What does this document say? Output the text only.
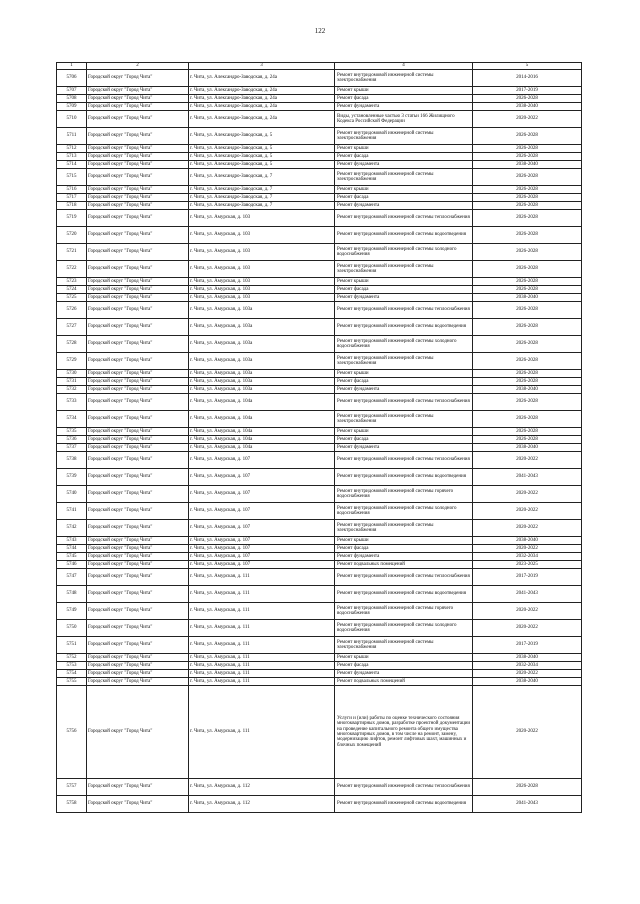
122
1	2	3	4	5
5706	Городской округ "Город Чита"	г. Чита, ул. Александро-Заводская, д. 24а	Ремонт внутридомовой инженерной системы электроснабжения	2014-2016
5707	Городской округ "Город Чита"	г. Чита, ул. Александро-Заводская, д. 24а	Ремонт крыши	2017-2019
5708	Городской округ "Город Чита"	г. Чита, ул. Александро-Заводская, д. 24а	Ремонт фасада	2026-2028
5709	Городской округ "Город Чита"	г. Чита, ул. Александро-Заводская, д. 24а	Ремонт фундамента	2038-2040
5710	Городской округ "Город Чита"	г. Чита, ул. Александро-Заводская, д. 24а	Виды, установленные частью 3 статьи 166 Жилищного Кодекса Российской Федерации	2020-2022
5711	Городской округ "Город Чита"	г. Чита, ул. Александро-Заводская, д. 5	Ремонт внутридомовой инженерной системы электроснабжения	2026-2028
5712	Городской округ "Город Чита"	г. Чита, ул. Александро-Заводская, д. 5	Ремонт крыши	2026-2028
5713	Городской округ "Город Чита"	г. Чита, ул. Александро-Заводская, д. 5	Ремонт фасада	2026-2028
5714	Городской округ "Город Чита"	г. Чита, ул. Александро-Заводская, д. 5	Ремонт фундамента	2038-2040
5715	Городской округ "Город Чита"	г. Чита, ул. Александро-Заводская, д. 7	Ремонт внутридомовой инженерной системы электроснабжения	2026-2028
5716	Городской округ "Город Чита"	г. Чита, ул. Александро-Заводская, д. 7	Ремонт крыши	2026-2028
5717	Городской округ "Город Чита"	г. Чита, ул. Александро-Заводская, д. 7	Ремонт фасада	2026-2028
5718	Городской округ "Город Чита"	г. Чита, ул. Александро-Заводская, д. 7	Ремонт фундамента	2026-2028
5719	Городской округ "Город Чита"	г. Чита, ул. Амурская, д. 103	Ремонт внутридомовой инженерной системы теплоснабжения	2026-2028
5720	Городской округ "Город Чита"	г. Чита, ул. Амурская, д. 103	Ремонт внутридомовой инженерной системы водоотведения	2026-2028
5721	Городской округ "Город Чита"	г. Чита, ул. Амурская, д. 103	Ремонт внутридомовой инженерной системы холодного водоснабжения	2026-2028
5722	Городской округ "Город Чита"	г. Чита, ул. Амурская, д. 103	Ремонт внутридомовой инженерной системы электроснабжения	2026-2028
5723	Городской округ "Город Чита"	г. Чита, ул. Амурская, д. 103	Ремонт крыши	2026-2028
5724	Городской округ "Город Чита"	г. Чита, ул. Амурская, д. 103	Ремонт фасада	2026-2028
5725	Городской округ "Город Чита"	г. Чита, ул. Амурская, д. 103	Ремонт фундамента	2038-2040
5726	Городской округ "Город Чита"	г. Чита, ул. Амурская, д. 103а	Ремонт внутридомовой инженерной системы теплоснабжения	2026-2028
5727	Городской округ "Город Чита"	г. Чита, ул. Амурская, д. 103а	Ремонт внутридомовой инженерной системы водоотведения	2026-2028
5728	Городской округ "Город Чита"	г. Чита, ул. Амурская, д. 103а	Ремонт внутридомовой инженерной системы холодного водоснабжения	2026-2028
5729	Городской округ "Город Чита"	г. Чита, ул. Амурская, д. 103а	Ремонт внутридомовой инженерной системы электроснабжения	2026-2028
5730	Городской округ "Город Чита"	г. Чита, ул. Амурская, д. 103а	Ремонт крыши	2026-2028
5731	Городской округ "Город Чита"	г. Чита, ул. Амурская, д. 103а	Ремонт фасада	2026-2028
5732	Городской округ "Город Чита"	г. Чита, ул. Амурская, д. 103а	Ремонт фундамента	2038-2040
5733	Городской округ "Город Чита"	г. Чита, ул. Амурская, д. 104а	Ремонт внутридомовой инженерной системы теплоснабжения	2026-2028
5734	Городской округ "Город Чита"	г. Чита, ул. Амурская, д. 104а	Ремонт внутридомовой инженерной системы электроснабжения	2026-2028
5735	Городской округ "Город Чита"	г. Чита, ул. Амурская, д. 104а	Ремонт крыши	2026-2028
5736	Городской округ "Город Чита"	г. Чита, ул. Амурская, д. 104а	Ремонт фасада	2026-2028
5737	Городской округ "Город Чита"	г. Чита, ул. Амурская, д. 104а	Ремонт фундамента	2038-2040
5738	Городской округ "Город Чита"	г. Чита, ул. Амурская, д. 107	Ремонт внутридомовой инженерной системы теплоснабжения	2020-2022
5739	Городской округ "Город Чита"	г. Чита, ул. Амурская, д. 107	Ремонт внутридомовой инженерной системы водоотведения	2041-2043
5740	Городской округ "Город Чита"	г. Чита, ул. Амурская, д. 107	Ремонт внутридомовой инженерной системы горячего водоснабжения	2020-2022
5741	Городской округ "Город Чита"	г. Чита, ул. Амурская, д. 107	Ремонт внутридомовой инженерной системы холодного водоснабжения	2020-2022
5742	Городской округ "Город Чита"	г. Чита, ул. Амурская, д. 107	Ремонт внутридомовой инженерной системы электроснабжения	2020-2022
5743	Городской округ "Город Чита"	г. Чита, ул. Амурская, д. 107	Ремонт крыши	2038-2040
5744	Городской округ "Город Чита"	г. Чита, ул. Амурская, д. 107	Ремонт фасада	2020-2022
5745	Городской округ "Город Чита"	г. Чита, ул. Амурская, д. 107	Ремонт фундамента	2032-2034
5746	Городской округ "Город Чита"	г. Чита, ул. Амурская, д. 107	Ремонт подвальных помещений	2023-2025
5747	Городской округ "Город Чита"	г. Чита, ул. Амурская, д. 111	Ремонт внутридомовой инженерной системы теплоснабжения	2017-2019
5748	Городской округ "Город Чита"	г. Чита, ул. Амурская, д. 111	Ремонт внутридомовой инженерной системы водоотведения	2041-2043
5749	Городской округ "Город Чита"	г. Чита, ул. Амурская, д. 111	Ремонт внутридомовой инженерной системы горячего водоснабжения	2020-2022
5750	Городской округ "Город Чита"	г. Чита, ул. Амурская, д. 111	Ремонт внутридомовой инженерной системы холодного водоснабжения	2020-2022
5751	Городской округ "Город Чита"	г. Чита, ул. Амурская, д. 111	Ремонт внутридомовой инженерной системы электроснабжения	2017-2019
5752	Городской округ "Город Чита"	г. Чита, ул. Амурская, д. 111	Ремонт крыши	2038-2040
5753	Городской округ "Город Чита"	г. Чита, ул. Амурская, д. 111	Ремонт фасада	2032-2034
5754	Городской округ "Город Чита"	г. Чита, ул. Амурская, д. 111	Ремонт фундамента	2020-2022
5755	Городской округ "Город Чита"	г. Чита, ул. Амурская, д. 111	Ремонт подвальных помещений	2038-2040
5756	Городской округ "Город Чита"	г. Чита, ул. Амурская, д. 111	Услуги и (или) работы по оценке технического состояния многоквартирных домов, разработке проектной документации на проведение капитального ремонта общего имущества многоквартирных домов, в том числе на ремонт, замену, модернизацию лифтов, ремонт лифтовых шахт, машинных и блочных помещений	2020-2022
5757	Городской округ "Город Чита"	г. Чита, ул. Амурская, д. 112	Ремонт внутридомовой инженерной системы теплоснабжения	2026-2028
5758	Городской округ "Город Чита"	г. Чита, ул. Амурская, д. 112	Ремонт внутридомовой инженерной системы водоотведения	2041-2043
